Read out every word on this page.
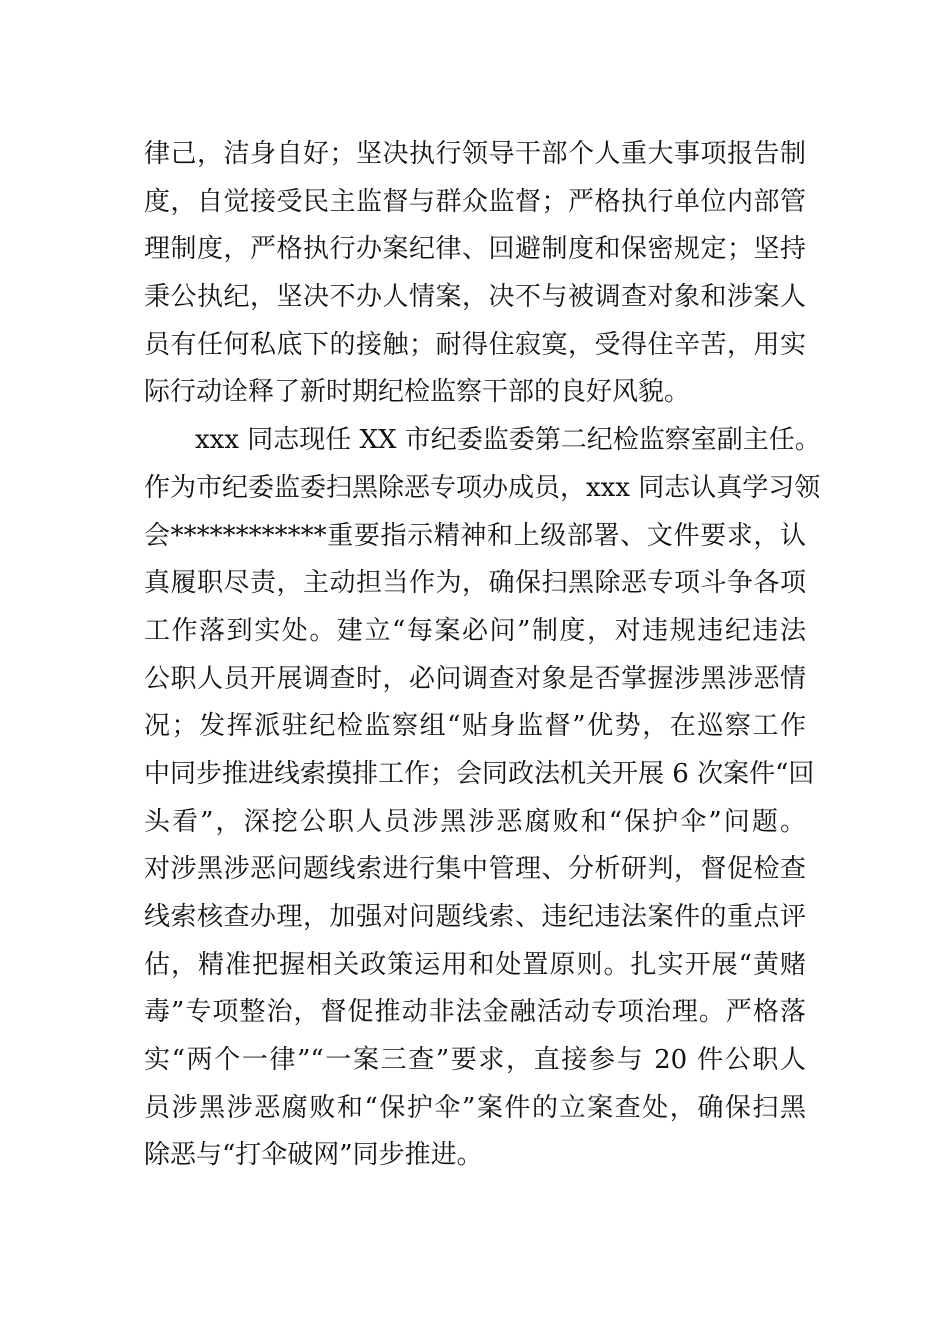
律己，洁身自好；坚决执行领导干部个人重大事项报告制
度，自觉接受民主监督与群众监督；严格执行单位内部管
理制度，严格执行办案纪律、回避制度和保密规定；坚持
秉公执纪，坚决不办人情案，决不与被调查对象和涉案人
员有任何私底下的接触；耐得住寂寞，受得住辛苦，用实
际行动诠释了新时期纪检监察干部的良好风貌。
xxx 同志现任 XX 市纪委监委第二纪检监察室副主任。
作为市纪委监委扫黑除恶专项办成员，xxx 同志认真学习领
会************重要指示精神和上级部署、文件要求，认
真履职尽责，主动担当作为，确保扫黑除恶专项斗争各项
工作落到实处。建立“每案必问”制度，对违规违纪违法
公职人员开展调查时，必问调查对象是否掌握涉黑涉恶情
况；发挥派驻纪检监察组“贴身监督”优势，在巡察工作
中同步推进线索摸排工作；会同政法机关开展 6 次案件“回
头看”，深挖公职人员涉黑涉恶腐败和“保护伞”问题。
对涉黑涉恶问题线索进行集中管理、分析研判，督促检查
线索核查办理，加强对问题线索、违纪违法案件的重点评
估，精准把握相关政策运用和处置原则。扎实开展“黄赌
毒”专项整治，督促推动非法金融活动专项治理。严格落
实“两个一律”“一案三查”要求，直接参与 20 件公职人
员涉黑涉恶腐败和“保护伞”案件的立案查处，确保扫黑
除恶与“打伞破网”同步推进。
